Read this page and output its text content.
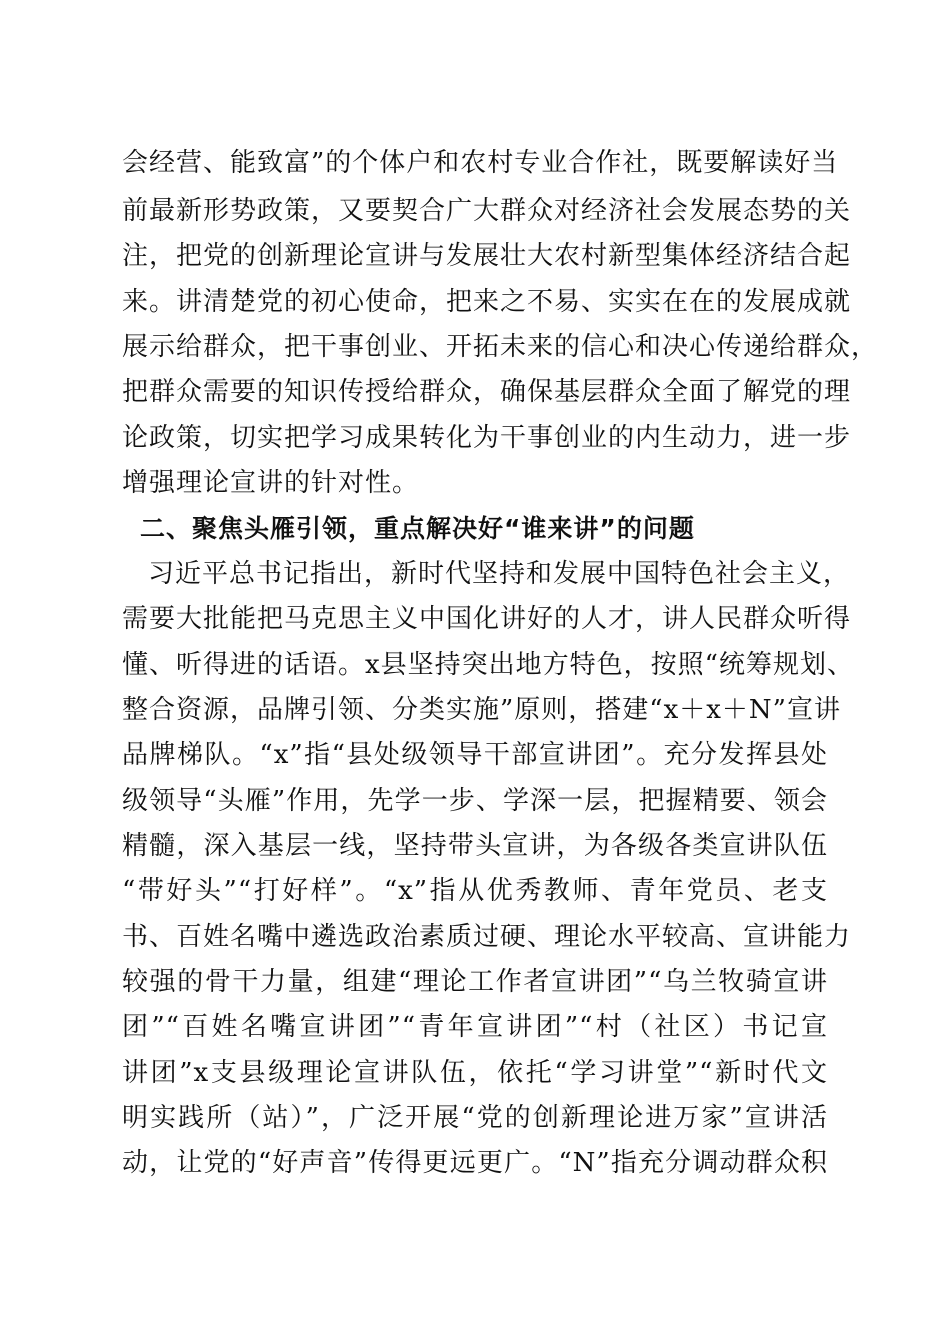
会经营、能致富”的个体户和农村专业合作社，既要解读好当
前最新形势政策，又要契合广大群众对经济社会发展态势的关
注，把党的创新理论宣讲与发展壮大农村新型集体经济结合起
来。讲清楚党的初心使命，把来之不易、实实在在的发展成就
展示给群众，把干事创业、开拓未来的信心和决心传递给群众，
把群众需要的知识传授给群众，确保基层群众全面了解党的理
论政策，切实把学习成果转化为干事创业的内生动力，进一步
增强理论宣讲的针对性。
二、聚焦头雁引领，重点解决好“谁来讲”的问题
习近平总书记指出，新时代坚持和发展中国特色社会主义，
需要大批能把马克思主义中国化讲好的人才，讲人民群众听得
懂、听得进的话语。x县坚持突出地方特色，按照“统筹规划、
整合资源，品牌引领、分类实施”原则，搭建“x＋x＋N”宣讲
品牌梯队。“x”指“县处级领导干部宣讲团”。充分发挥县处
级领导“头雁”作用，先学一步、学深一层，把握精要、领会
精髓，深入基层一线，坚持带头宣讲，为各级各类宣讲队伍
“带好头”“打好样”。“x”指从优秀教师、青年党员、老支
书、百姓名嘴中遴选政治素质过硬、理论水平较高、宣讲能力
较强的骨干力量，组建“理论工作者宣讲团”“乌兰牧骑宣讲
团”“百姓名嘴宣讲团”“青年宣讲团”“村（社区）书记宣
讲团”x支县级理论宣讲队伍，依托“学习讲堂”“新时代文
明实践所（站）”，广泛开展“党的创新理论进万家”宣讲活
动，让党的“好声音”传得更远更广。“N”指充分调动群众积
